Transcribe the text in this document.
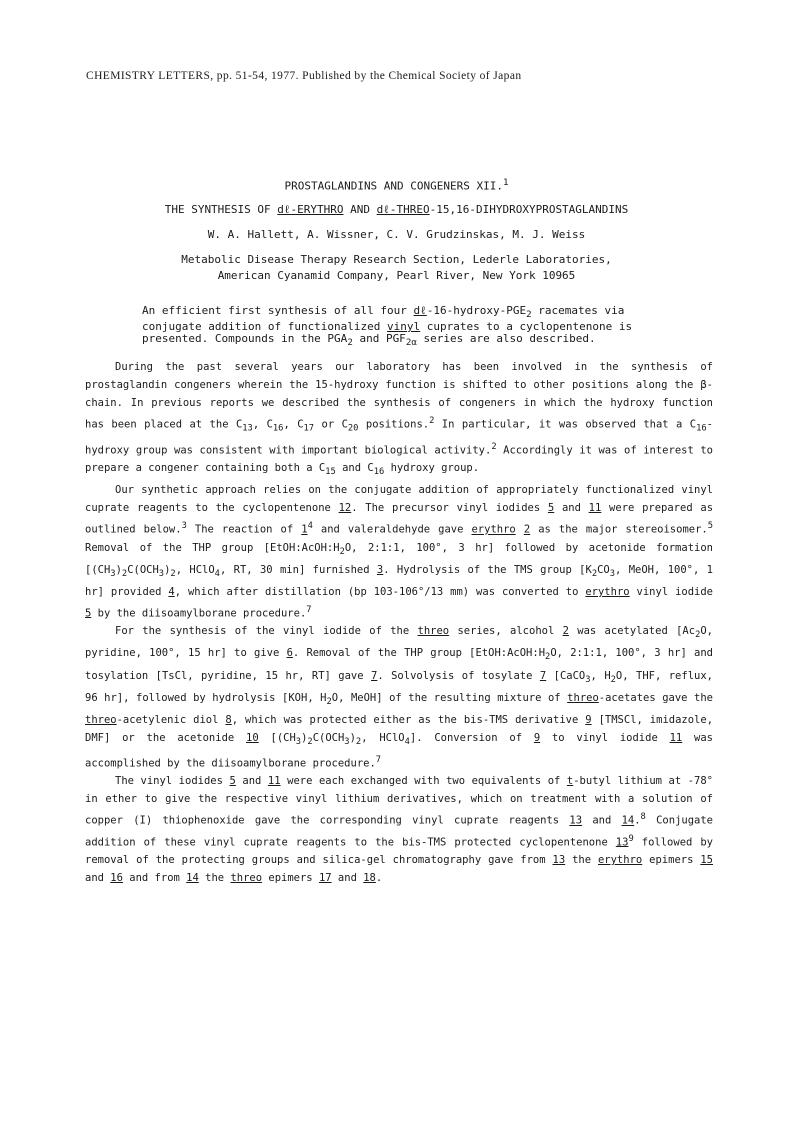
CHEMISTRY LETTERS, pp. 51-54, 1977. Published by the Chemical Society of Japan
PROSTAGLANDINS AND CONGENERS XII.$^1$
THE SYNTHESIS OF dℓ-ERYTHRO AND dℓ-THREO-15,16-DIHYDROXYPROSTAGLANDINS
W. A. Hallett, A. Wissner, C. V. Grudzinskas, M. J. Weiss
Metabolic Disease Therapy Research Section, Lederle Laboratories,
American Cyanamid Company, Pearl River, New York 10965
An efficient first synthesis of all four $d\ell-16-hydroxy-PGE_2$ racemates via conjugate addition of functionalized vinyl cuprates to a cyclopentenone is presented. Compounds in the $PGA_2$ and $PGF_{2\alpha}$ series are also described.

During the past several years our laboratory has been involved in the synthesis of prostaglandin congeners wherein the 15-hydroxy function is shifted to other positions along the β-chain. In previous reports we described the synthesis of congeners in which the hydroxy function has been placed at the $C_{13}$, $C_{16}$, $C_{17}$ or $C_{20}$ positions.$^2$ In particular, it was observed that a $C_{16}$-hydroxy group was consistent with important biological activity.$^2$ Accordingly it was of interest to prepare a congener containing both a $C_{15}$ and $C_{16}$ hydroxy group.

Our synthetic approach relies on the conjugate addition of appropriately functionalized vinyl cuprate reagents to the cyclopentenone 12. The precursor vinyl iodides 5 and 11 were prepared as outlined below.$^3$ The reaction of $1^4$ and valeraldehyde gave erythro 2 as the major stereoisomer.$^5$ Removal of the THP group [$EtOH:AcOH:H_2O$, 2:1:1, 100°, 3 hr] followed by acetonide formation [$(CH_3)_2C(OCH_3)_2$, HClO$_4$, RT, 30 min] furnished 3. Hydrolysis of the TMS group [$K_2CO_3$, MeOH, 100°, 1 hr] provided 4, which after distillation (bp 103-106°/13 mm) was converted to erythro vinyl iodide 5 by the diisoamylborane procedure.$^7$

For the synthesis of the vinyl iodide of the threo series, alcohol 2 was acetylated [$Ac_2O$, pyridine, 100°, 15 hr] to give 6. Removal of the THP group [$EtOH:AcOH:H_2O$, 2:1:1, 100°, 3 hr] and tosylation [TsCl, pyridine, 15 hr, RT] gave 7. Solvolysis of tosylate 7 [CaCO$_3$, $H_2O$, THF, reflux, 96 hr], followed by hydrolysis [KOH, $H_2O$, MeOH] of the resulting mixture of threo-acetates gave the threo-acetylenic diol 8, which was protected either as the bis-TMS derivative 9 [TMSCl, imidazole, DMF] or the acetonide 10 [$(CH_3)_2C(OCH_3)_2$, HClO$_4$]. Conversion of 9 to vinyl iodide 11 was accomplished by the diisoamylborane procedure.$^7$

The vinyl iodides 5 and 11 were each exchanged with two equivalents of t-butyl lithium at -78° in ether to give the respective vinyl lithium derivatives, which on treatment with a solution of copper (I) thiophenoxide gave the corresponding vinyl cuprate reagents 13 and 14.$^8$ Conjugate addition of these vinyl cuprate reagents to the bis-TMS protected cyclopentenone $13^9$ followed by removal of the protecting groups and silica-gel chromatography gave from 13 the erythro epimers 15 and 16 and from 14 the threo epimers 17 and 18.
